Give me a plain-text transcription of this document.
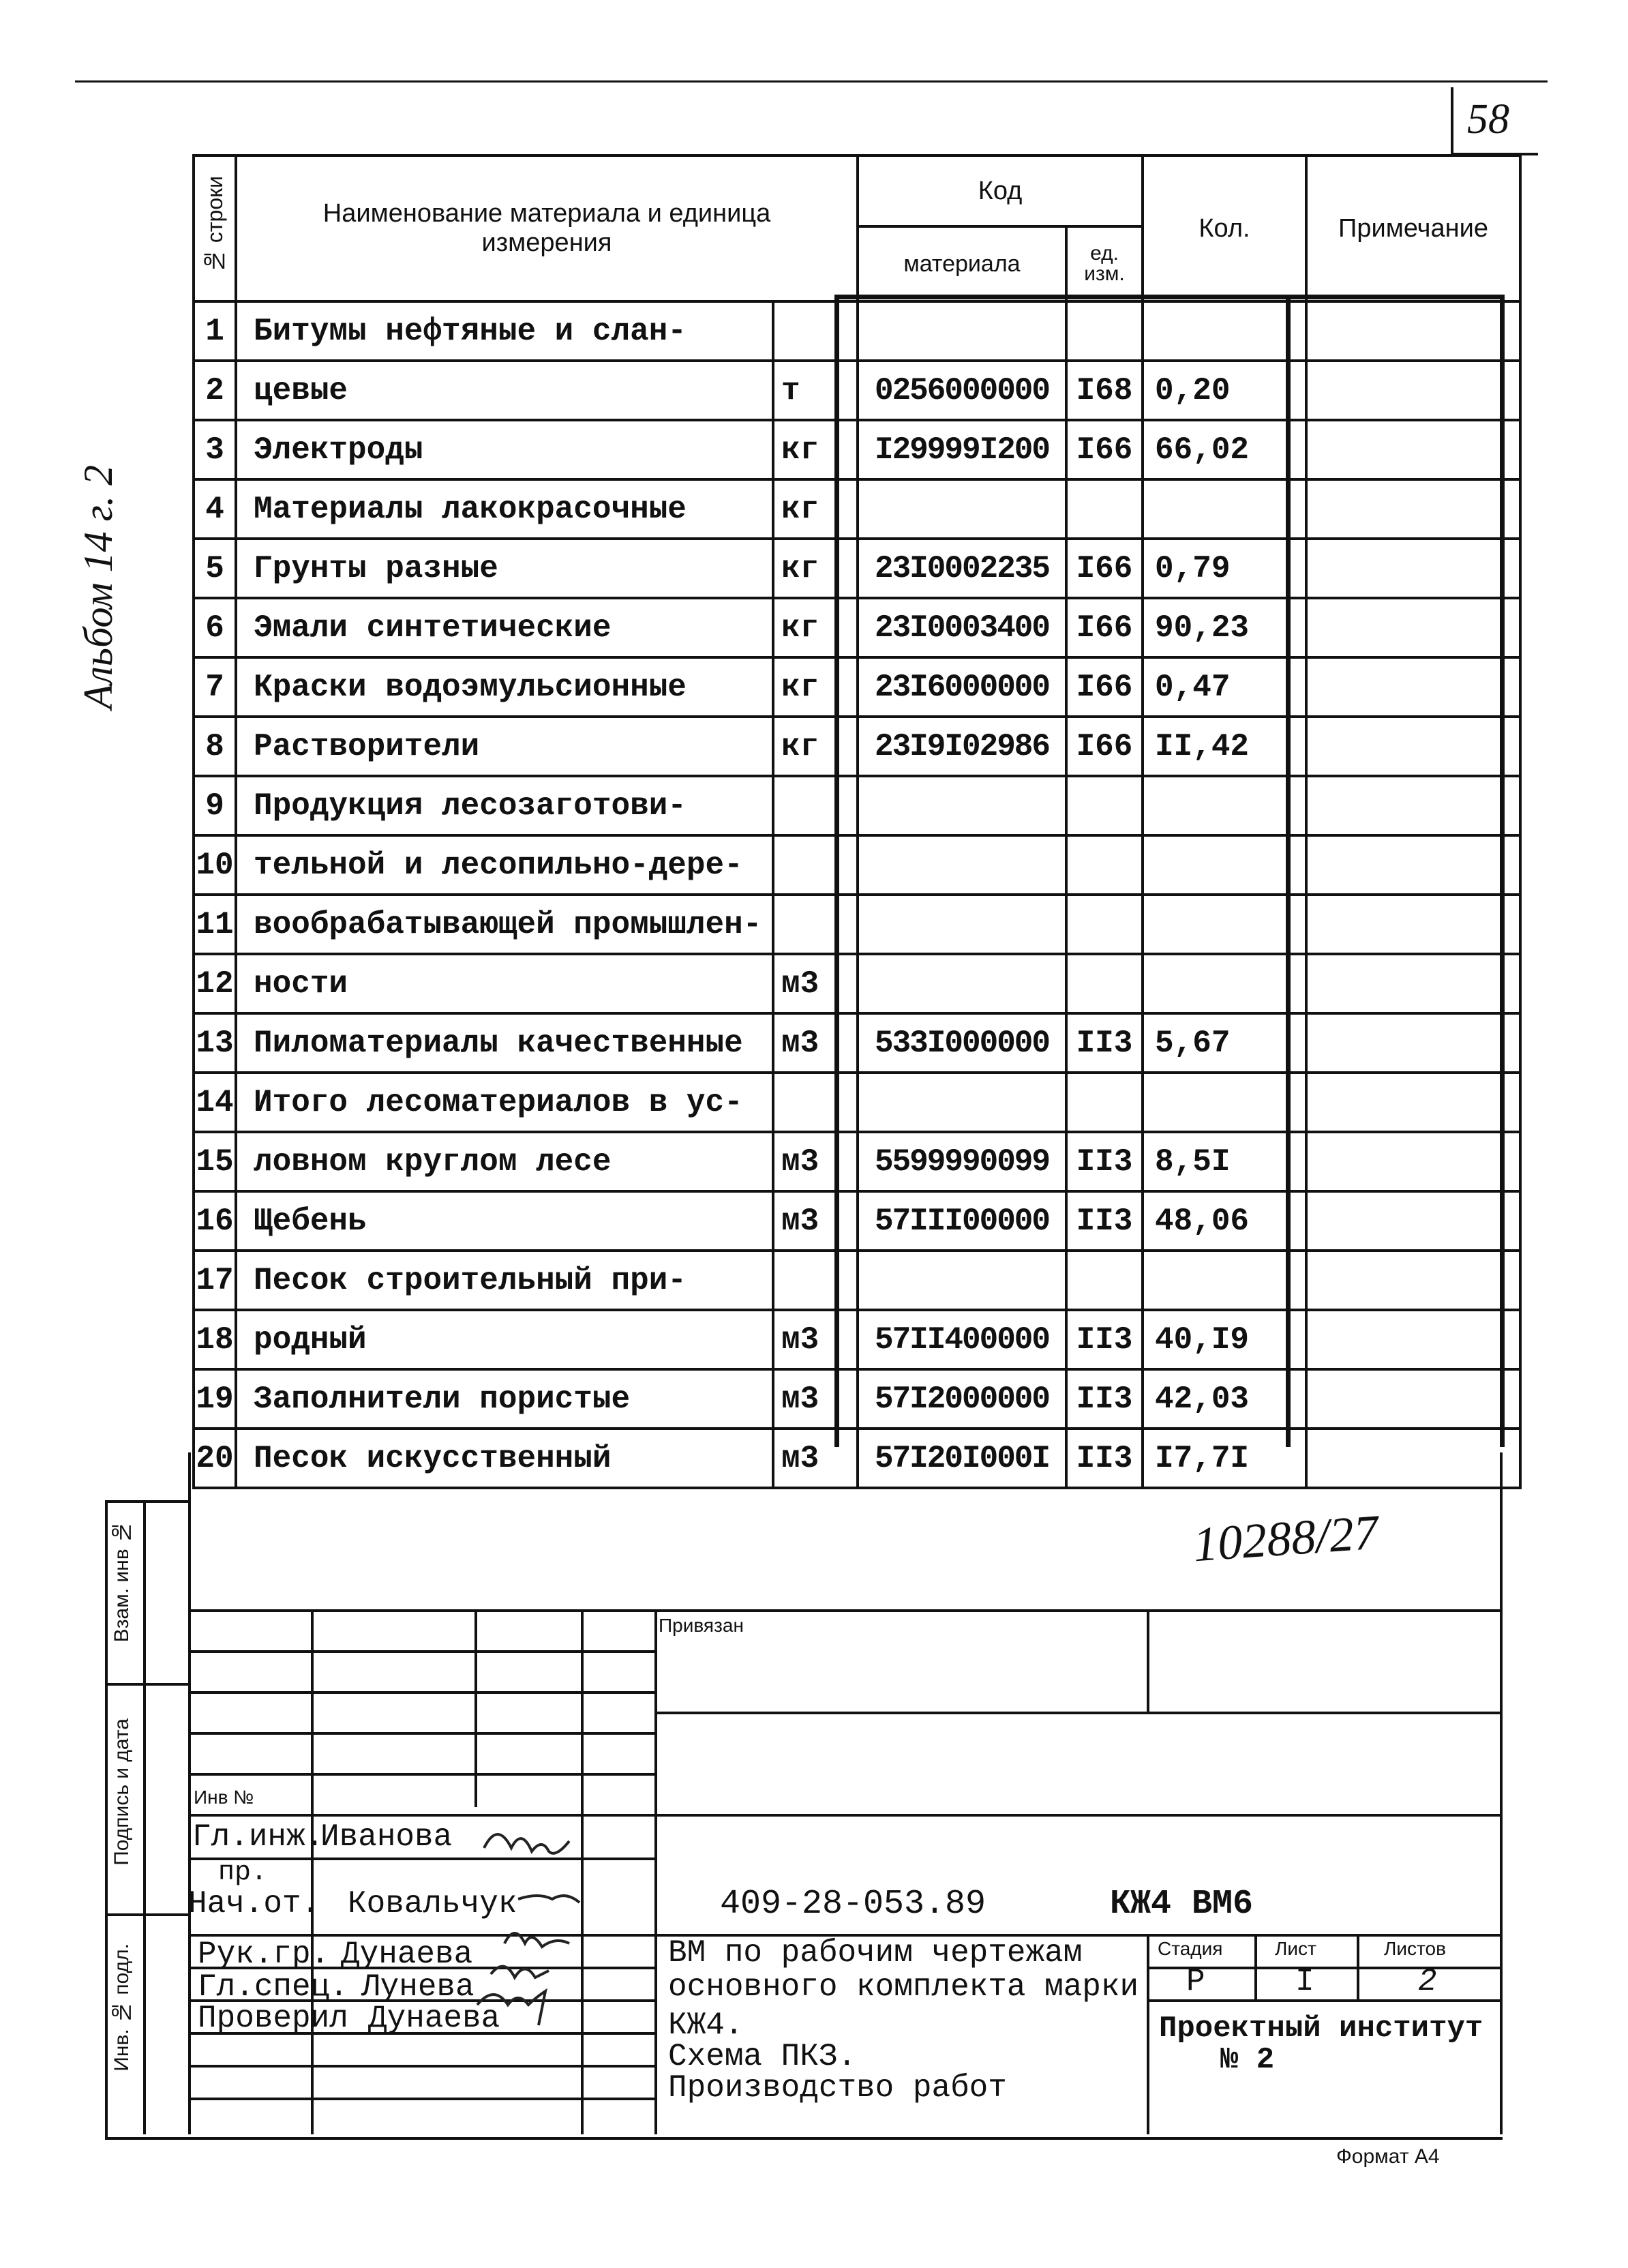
58
Альбом 14 г. 2
№ строки	Наименование материала и единица измерения		Код		Кол.	Примечание
			материала	ед. изм.		
1	Битумы нефтяные и слан-					
2	цевые	т	0256000000	I68	0,20	
3	Электроды	кг	I29999I200	I66	66,02	
4	Материалы лакокрасочные	кг				
5	Грунты разные	кг	23I0002235	I66	0,79	
6	Эмали синтетические	кг	23I0003400	I66	90,23	
7	Краски водоэмульсионные	кг	23I6000000	I66	0,47	
8	Растворители	кг	23I9I02986	I66	II,42	
9	Продукция лесозаготови-					
10	тельной и лесопильно-дере-					
11	вообрабатывающей промышлен-					
12	ности	м3				
13	Пиломатериалы качественные	м3	533I000000	II3	5,67	
14	Итого лесоматериалов в ус-					
15	ловном круглом лесе	м3	5599990099	II3	8,5I	
16	Щебень	м3	57III00000	II3	48,06	
17	Песок строительный при-					
18	родный	м3	57II400000	II3	40,I9	
19	Заполнители пористые	м3	57I2000000	II3	42,03	
20	Песок искусственный	м3	57I20I000I	II3	I7,7I	
10288/27
Взам. инв №
Подпись и дата
Инв. № подл.
Привязан
Инв №
Гл.инж.
Иванова
пр.
Нач.от. Ковальчук
Рук.гр. Дунаева
Гл.спец. Лунева
Проверил Дунаева
409-28-053.89	КЖ4 ВМ6
ВМ по рабочим чертежам
основного комплекта марки
КЖ4.
Схема ПКЗ.
Производство работ
Стадия	Лист	Листов
Р	I	2
Проектный институт
№ 2
Формат А4
